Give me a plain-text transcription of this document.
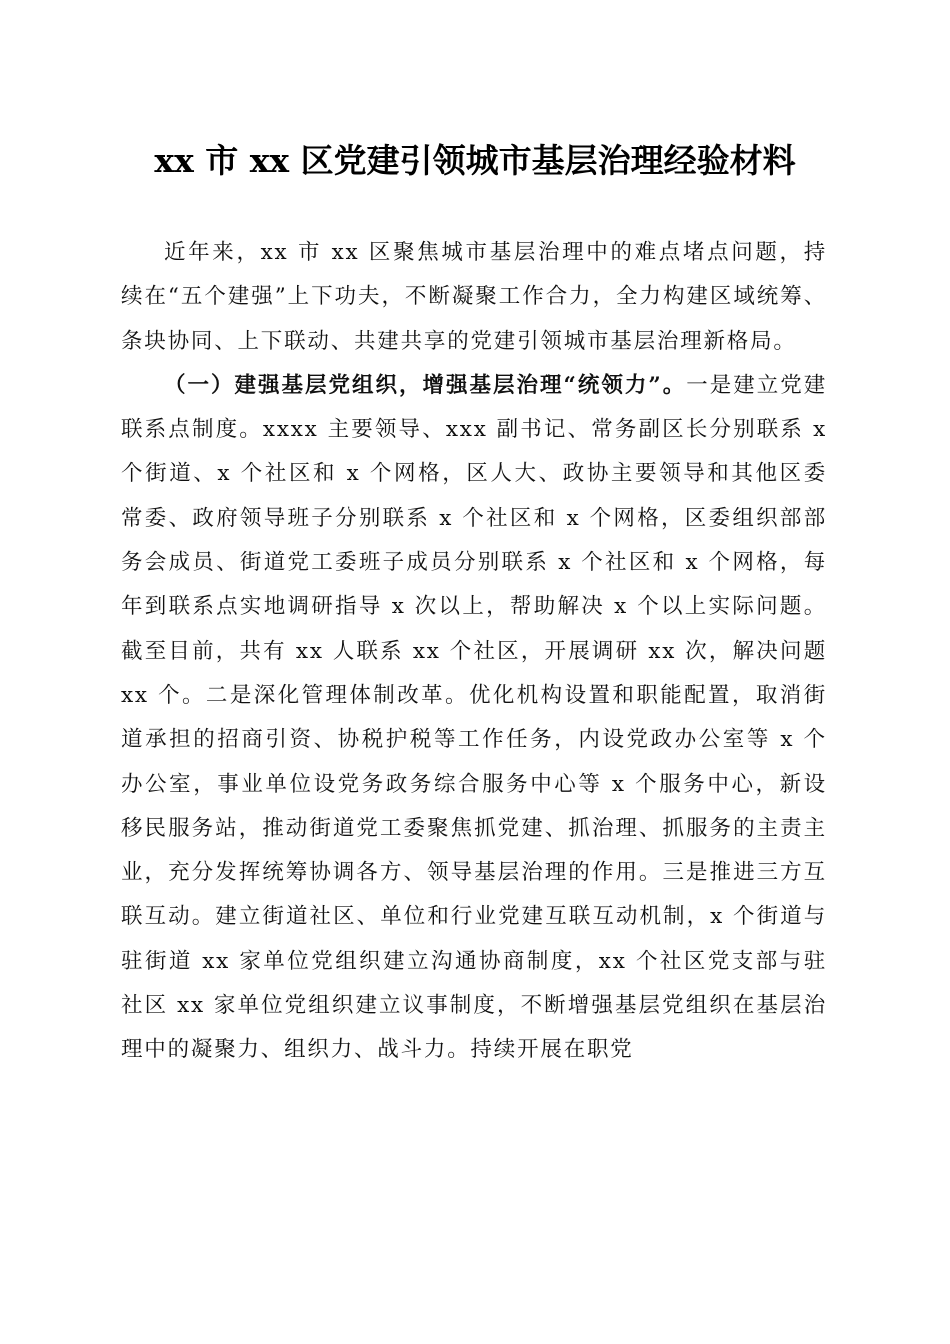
xx 市 xx 区党建引领城市基层治理经验材料

近年来，xx 市 xx 区聚焦城市基层治理中的难点堵点问题，持续在“五个建强”上下功夫，不断凝聚工作合力，全力构建区域统筹、条块协同、上下联动、共建共享的党建引领城市基层治理新格局。

（一）建强基层党组织，增强基层治理“统领力”。一是建立党建联系点制度。xxxx 主要领导、xxx 副书记、常务副区长分别联系 x 个街道、x 个社区和 x 个网格，区人大、政协主要领导和其他区委常委、政府领导班子分别联系 x 个社区和 x 个网格，区委组织部部务会成员、街道党工委班子成员分别联系 x 个社区和 x 个网格，每年到联系点实地调研指导 x 次以上，帮助解决 x 个以上实际问题。截至目前，共有 xx 人联系 xx 个社区，开展调研 xx 次，解决问题 xx 个。二是深化管理体制改革。优化机构设置和职能配置，取消街道承担的招商引资、协税护税等工作任务，内设党政办公室等 x 个办公室，事业单位设党务政务综合服务中心等 x 个服务中心，新设移民服务站，推动街道党工委聚焦抓党建、抓治理、抓服务的主责主业，充分发挥统筹协调各方、领导基层治理的作用。三是推进三方互联互动。建立街道社区、单位和行业党建互联互动机制，x 个街道与驻街道 xx 家单位党组织建立沟通协商制度，xx 个社区党支部与驻社区 xx 家单位党组织建立议事制度，不断增强基层党组织在基层治理中的凝聚力、组织力、战斗力。持续开展在职党
